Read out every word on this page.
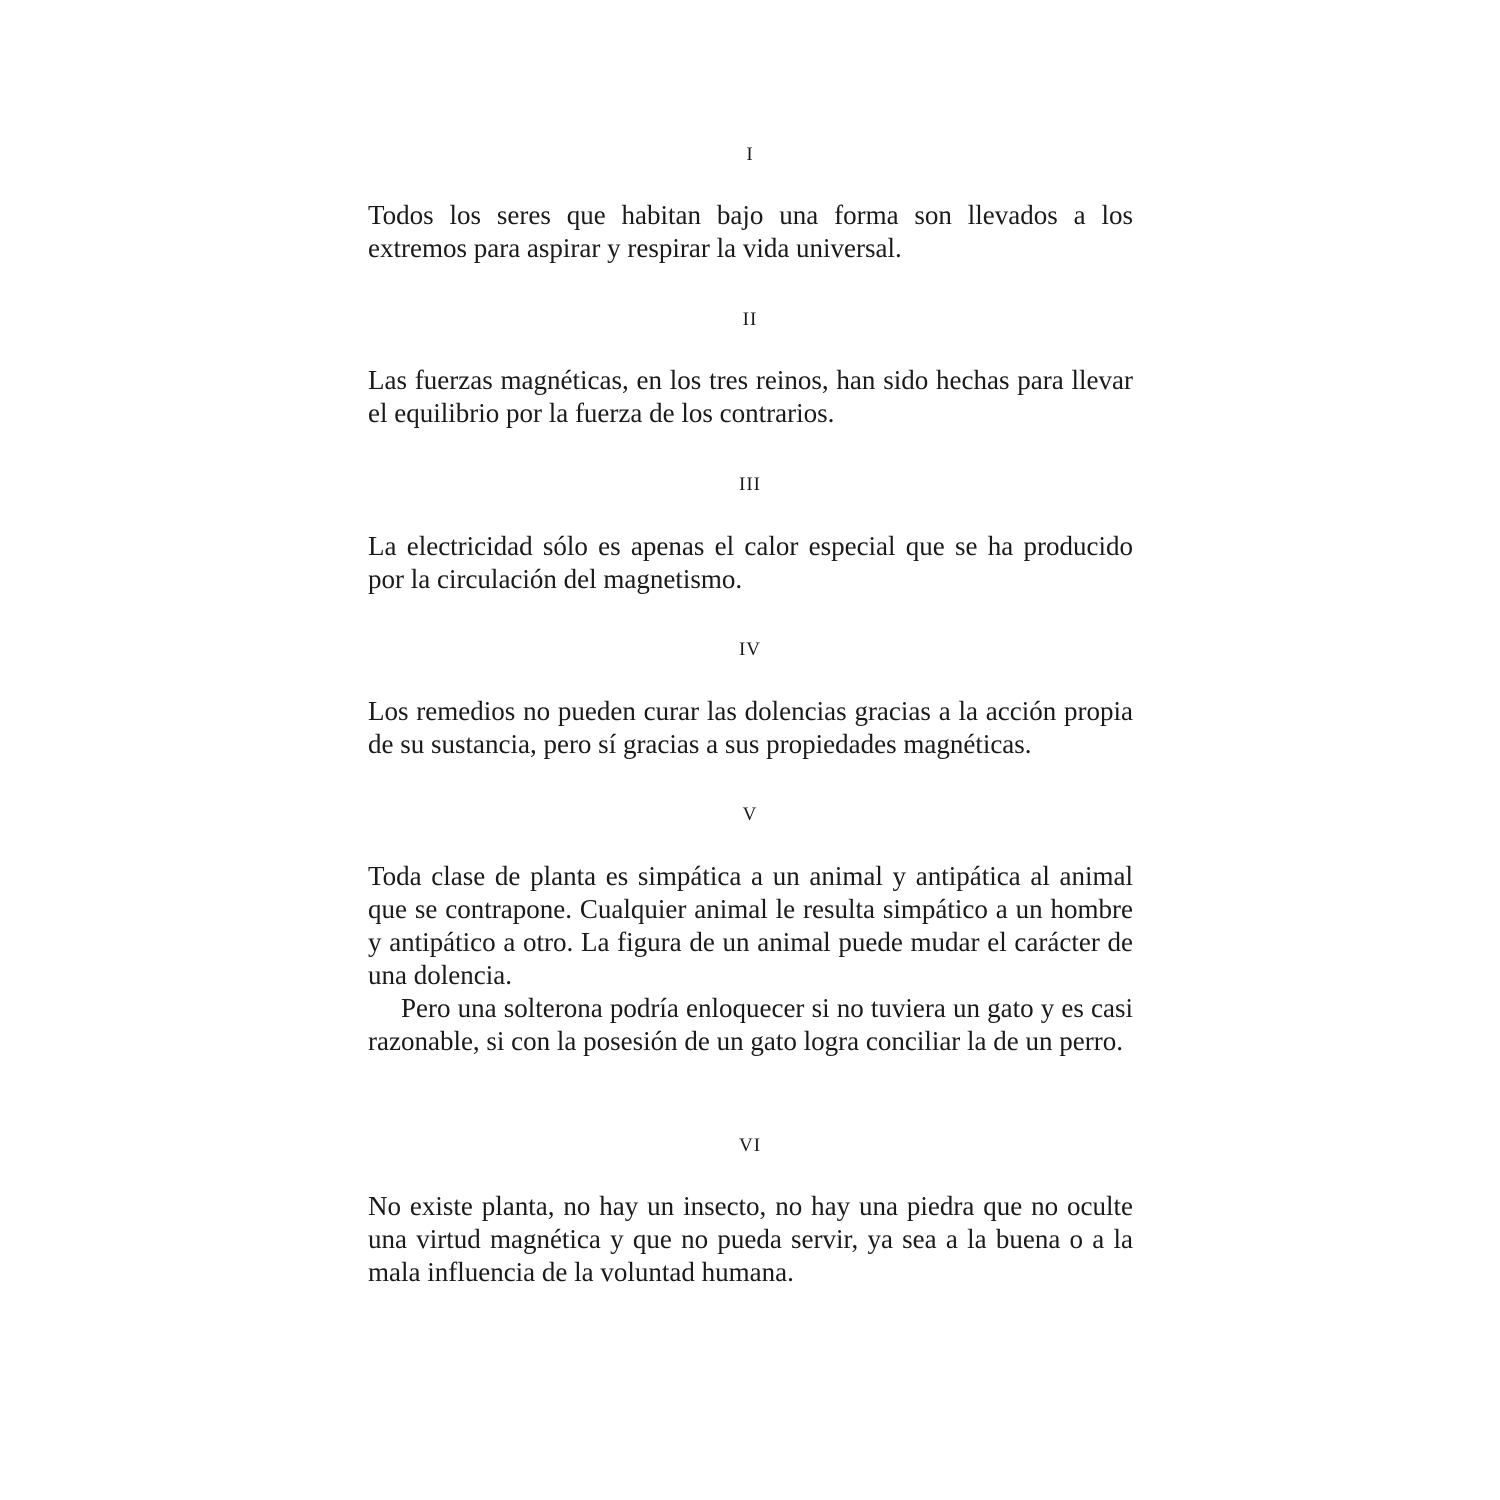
I

Todos los seres que habitan bajo una forma son llevados a los extremos para aspirar y respirar la vida universal.

II

Las fuerzas magnéticas, en los tres reinos, han sido hechas para llevar el equilibrio por la fuerza de los contrarios.

III

La electricidad sólo es apenas el calor especial que se ha producido por la circulación del magnetismo.

IV

Los remedios no pueden curar las dolencias gracias a la acción propia de su sustancia, pero sí gracias a sus propiedades magnéticas.

V

Toda clase de planta es simpática a un animal y antipática al animal que se contrapone. Cualquier animal le resulta simpático a un hombre y antipático a otro. La figura de un animal puede mudar el carácter de una dolencia.

Pero una solterona podría enloquecer si no tuviera un gato y es casi razonable, si con la posesión de un gato logra conciliar la de un perro.

VI

No existe planta, no hay un insecto, no hay una piedra que no oculte una virtud magnética y que no pueda servir, ya sea a la buena o a la mala influencia de la voluntad humana.
